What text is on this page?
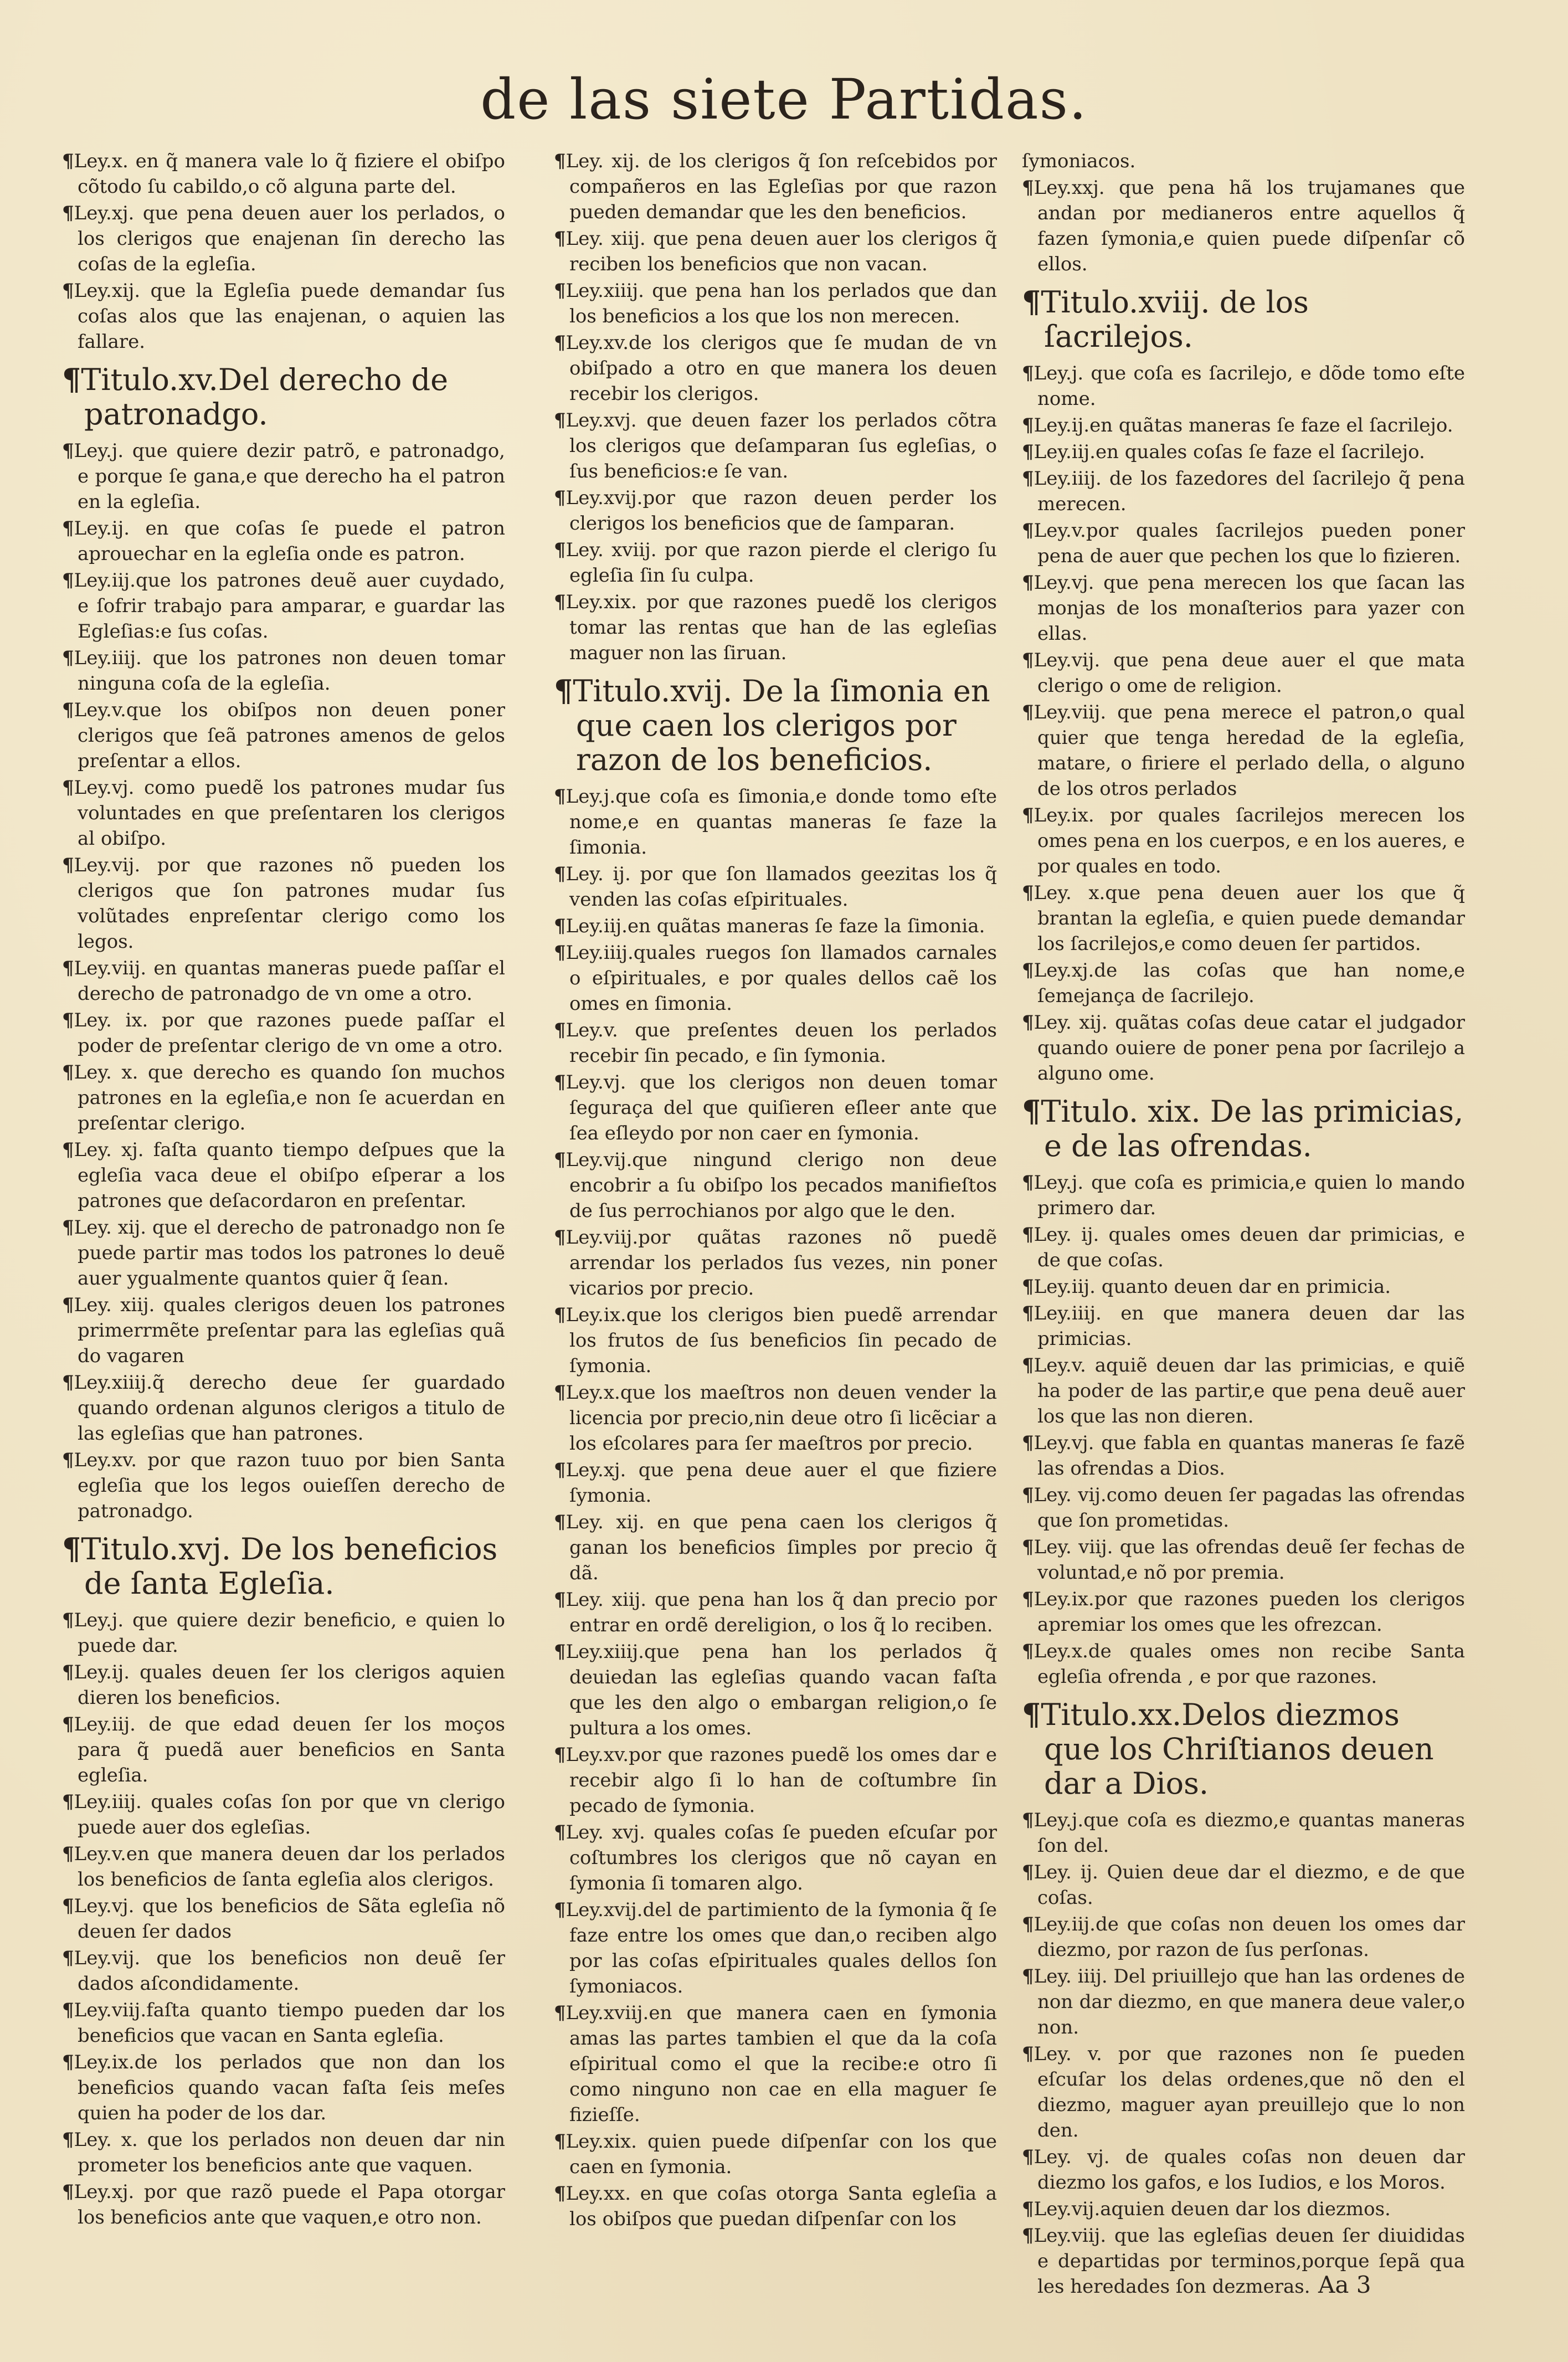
de las siete Partidas.
¶Ley.x. en q̃ manera vale lo q̃ fiziere el obiſpo cõtodo ſu cabildo,o cõ alguna parte del.
¶Ley.xj. que pena deuen auer los perlados, o los clerigos que enajenan ſin derecho las coſas de la egleſia.
¶Ley.xij. que la Egleſia puede demandar ſus coſas alos que las enajenan, o aquien las fallare.
¶Titulo.xv.Del derecho de patronadgo.
¶Ley.j. que quiere dezir patrõ, e patronadgo, e porque ſe gana,e que derecho ha el patron en la egleſia.
¶Ley.ij. en que coſas ſe puede el patron aprouechar en la egleſia onde es patron.
¶Ley.iij.que los patrones deuẽ auer cuydado, e ſofrir trabajo para amparar, e guardar las Egleſias:e ſus coſas.
¶Ley.iiij. que los patrones non deuen tomar ninguna coſa de la egleſia.
¶Ley.v.que los obiſpos non deuen poner clerigos que ſeã patrones amenos de gelos preſentar a ellos.
¶Ley.vj. como puedẽ los patrones mudar ſus voluntades en que preſentaren los clerigos al obiſpo.
¶Ley.vij. por que razones nõ pueden los clerigos que ſon patrones mudar ſus volũtades enpreſentar clerigo como los legos.
¶Ley.viij. en quantas maneras puede paſſar el derecho de patronadgo de vn ome a otro.
¶Ley. ix. por que razones puede paſſar el poder de preſentar clerigo de vn ome a otro.
¶Ley. x. que derecho es quando ſon muchos patrones en la egleſia,e non ſe acuerdan en preſentar clerigo.
¶Ley. xj. faſta quanto tiempo deſpues que la egleſia vaca deue el obiſpo eſperar a los patrones que deſacordaron en preſentar.
¶Ley. xij. que el derecho de patronadgo non ſe puede partir mas todos los patrones lo deuẽ auer ygualmente quantos quier q̃ ſean.
¶Ley. xiij. quales clerigos deuen los patrones primerrmẽte preſentar para las egleſias quã do vagaren
¶Ley.xiiij.q̃ derecho deue ſer guardado quando ordenan algunos clerigos a titulo de las egleſias que han patrones.
¶Ley.xv. por que razon tuuo por bien Santa egleſia que los legos ouieſſen derecho de patronadgo.
¶Titulo.xvj. De los beneficios de ſanta Egleſia.
¶Ley.j. que quiere dezir beneficio, e quien lo puede dar.
¶Ley.ij. quales deuen ſer los clerigos aquien dieren los beneficios.
¶Ley.iij. de que edad deuen ſer los moços para q̃ puedã auer beneficios en Santa egleſia.
¶Ley.iiij. quales coſas ſon por que vn clerigo puede auer dos egleſias.
¶Ley.v.en que manera deuen dar los perlados los beneficios de ſanta egleſia alos clerigos.
¶Ley.vj. que los beneficios de Sãta egleſia nõ deuen ſer dados
¶Ley.vij. que los beneficios non deuẽ ſer dados aſcondidamente.
¶Ley.viij.faſta quanto tiempo pueden dar los beneficios que vacan en Santa egleſia.
¶Ley.ix.de los perlados que non dan los beneficios quando vacan faſta ſeis meſes quien ha poder de los dar.
¶Ley. x. que los perlados non deuen dar nin prometer los beneficios ante que vaquen.
¶Ley.xj. por que razõ puede el Papa otorgar los beneficios ante que vaquen,e otro non.
¶Ley. xij. de los clerigos q̃ ſon reſcebidos por compañeros en las Egleſias por que razon pueden demandar que les den beneficios.
¶Ley. xiij. que pena deuen auer los clerigos q̃ reciben los beneficios que non vacan.
¶Ley.xiiij. que pena han los perlados que dan los beneficios a los que los non merecen.
¶Ley.xv.de los clerigos que ſe mudan de vn obiſpado a otro en que manera los deuen recebir los clerigos.
¶Ley.xvj. que deuen fazer los perlados cõtra los clerigos que deſamparan ſus egleſias, o ſus beneficios:e ſe van.
¶Ley.xvij.por que razon deuen perder los clerigos los beneficios que de ſamparan.
¶Ley. xviij. por que razon pierde el clerigo ſu egleſia ſin ſu culpa.
¶Ley.xix. por que razones puedẽ los clerigos tomar las rentas que han de las egleſias maguer non las ſiruan.
¶Titulo.xvij. De la ſimonia en que caen los clerigos por razon de los beneficios.
¶Ley.j.que coſa es ſimonia,e donde tomo eſte nome,e en quantas maneras ſe faze la ſimonia.
¶Ley. ij. por que ſon llamados geezitas los q̃ venden las coſas eſpirituales.
¶Ley.iij.en quãtas maneras ſe faze la ſimonia.
¶Ley.iiij.quales ruegos ſon llamados carnales o eſpirituales, e por quales dellos caẽ los omes en ſimonia.
¶Ley.v. que preſentes deuen los perlados recebir ſin pecado, e ſin ſymonia.
¶Ley.vj. que los clerigos non deuen tomar ſeguraça del que quiſieren eſleer ante que ſea eſleydo por non caer en ſymonia.
¶Ley.vij.que ningund clerigo non deue encobrir a ſu obiſpo los pecados manifieſtos de ſus perrochianos por algo que le den.
¶Ley.viij.por quãtas razones nõ puedẽ arrendar los perlados ſus vezes, nin poner vicarios por precio.
¶Ley.ix.que los clerigos bien puedẽ arrendar los frutos de ſus beneficios ſin pecado de ſymonia.
¶Ley.x.que los maeſtros non deuen vender la licencia por precio,nin deue otro ſi licẽciar a los eſcolares para ſer maeſtros por precio.
¶Ley.xj. que pena deue auer el que fiziere ſymonia.
¶Ley. xij. en que pena caen los clerigos q̃ ganan los beneficios ſimples por precio q̃ dã.
¶Ley. xiij. que pena han los q̃ dan precio por entrar en ordẽ dereligion, o los q̃ lo reciben.
¶Ley.xiiij.que pena han los perlados q̃ deuiedan las egleſias quando vacan faſta que les den algo o embargan religion,o ſe pultura a los omes.
¶Ley.xv.por que razones puedẽ los omes dar e recebir algo ſi lo han de coſtumbre ſin pecado de ſymonia.
¶Ley. xvj. quales coſas ſe pueden eſcuſar por coſtumbres los clerigos que nõ cayan en ſymonia ſi tomaren algo.
¶Ley.xvij.del de partimiento de la ſymonia q̃ ſe faze entre los omes que dan,o reciben algo por las coſas eſpirituales quales dellos ſon ſymoniacos.
¶Ley.xviij.en que manera caen en ſymonia amas las partes tambien el que da la coſa eſpiritual como el que la recibe:e otro ſi como ninguno non cae en ella maguer ſe fizieſſe.
¶Ley.xix. quien puede diſpenſar con los que caen en ſymonia.
¶Ley.xx. en que coſas otorga Santa egleſia a los obiſpos que puedan diſpenſar con los
ſymoniacos.
¶Ley.xxj. que pena hã los trujamanes que andan por medianeros entre aquellos q̃ fazen ſymonia,e quien puede diſpenſar cõ ellos.
¶Titulo.xviij. de los ſacrilejos.
¶Ley.j. que coſa es ſacrilejo, e dõde tomo eſte nome.
¶Ley.ij.en quãtas maneras ſe faze el ſacrilejo.
¶Ley.iij.en quales coſas ſe faze el ſacrilejo.
¶Ley.iiij. de los fazedores del ſacrilejo q̃ pena merecen.
¶Ley.v.por quales ſacrilejos pueden poner pena de auer que pechen los que lo fizieren.
¶Ley.vj. que pena merecen los que ſacan las monjas de los monaſterios para yazer con ellas.
¶Ley.vij. que pena deue auer el que mata clerigo o ome de religion.
¶Ley.viij. que pena merece el patron,o qual quier que tenga heredad de la egleſia, matare, o firiere el perlado della, o alguno de los otros perlados
¶Ley.ix. por quales ſacrilejos merecen los omes pena en los cuerpos, e en los aueres, e por quales en todo.
¶Ley. x.que pena deuen auer los que q̃ brantan la egleſia, e quien puede demandar los ſacrilejos,e como deuen ſer partidos.
¶Ley.xj.de las coſas que han nome,e ſemejança de ſacrilejo.
¶Ley. xij. quãtas coſas deue catar el judgador quando ouiere de poner pena por ſacrilejo a alguno ome.
¶Titulo. xix. De las primicias, e de las ofrendas.
¶Ley.j. que coſa es primicia,e quien lo mando primero dar.
¶Ley. ij. quales omes deuen dar primicias, e de que coſas.
¶Ley.iij. quanto deuen dar en primicia.
¶Ley.iiij. en que manera deuen dar las primicias.
¶Ley.v. aquiẽ deuen dar las primicias, e quiẽ ha poder de las partir,e que pena deuẽ auer los que las non dieren.
¶Ley.vj. que fabla en quantas maneras ſe fazẽ las ofrendas a Dios.
¶Ley. vij.como deuen ſer pagadas las ofrendas que ſon prometidas.
¶Ley. viij. que las ofrendas deuẽ ſer fechas de voluntad,e nõ por premia.
¶Ley.ix.por que razones pueden los clerigos apremiar los omes que les ofrezcan.
¶Ley.x.de quales omes non recibe Santa egleſia ofrenda , e por que razones.
¶Titulo.xx.Delos diezmos que los Chriſtianos deuen dar a Dios.
¶Ley.j.que coſa es diezmo,e quantas maneras ſon del.
¶Ley. ij. Quien deue dar el diezmo, e de que coſas.
¶Ley.iij.de que coſas non deuen los omes dar diezmo, por razon de ſus perſonas.
¶Ley. iiij. Del priuillejo que han las ordenes de non dar diezmo, en que manera deue valer,o non.
¶Ley. v. por que razones non ſe pueden eſcuſar los delas ordenes,que nõ den el diezmo, maguer ayan preuillejo que lo non den.
¶Ley. vj. de quales coſas non deuen dar diezmo los gafos, e los Iudios, e los Moros.
¶Ley.vij.aquien deuen dar los diezmos.
¶Ley.viij. que las egleſias deuen ſer diuididas e departidas por terminos,porque ſepã qua les heredades ſon dezmeras. Aa 3
